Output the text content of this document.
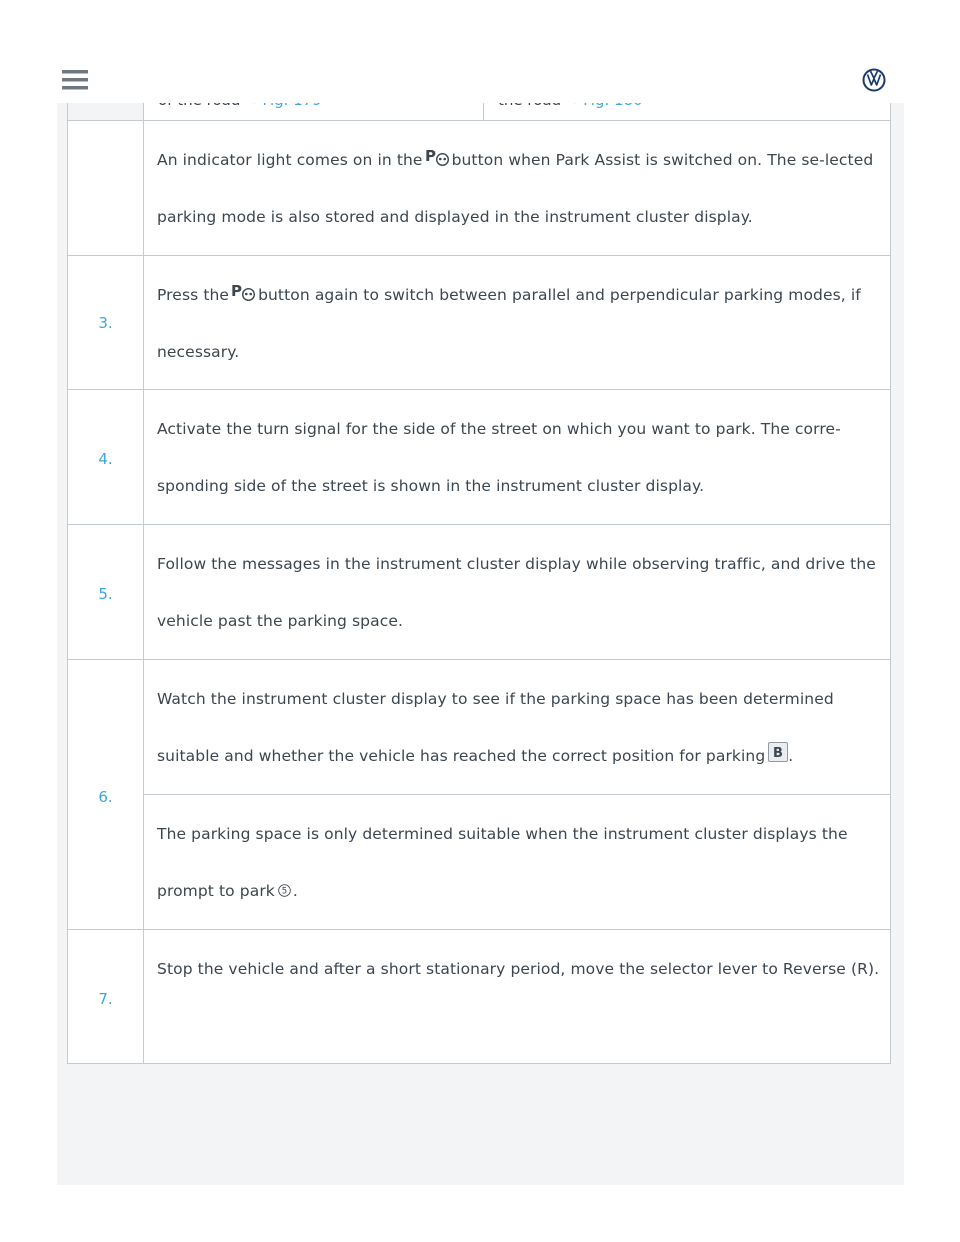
An indicator light comes on in the P button when Park Assist is switched on. The se-lected parking mode is also stored and displayed in the instrument cluster display.
3.
Press the P button again to switch between parallel and perpendicular parking modes, if necessary.
4.
Activate the turn signal for the side of the street on which you want to park. The corre-sponding side of the street is shown in the instrument cluster display.
5.
Follow the messages in the instrument cluster display while observing traffic, and drive the vehicle past the parking space.
6.
Watch the instrument cluster display to see if the parking space has been determined suitable and whether the vehicle has reached the correct position for parking B .
The parking space is only determined suitable when the instrument cluster displays the prompt to park 5 .
7.
Stop the vehicle and after a short stationary period, move the selector lever to Reverse (R).
